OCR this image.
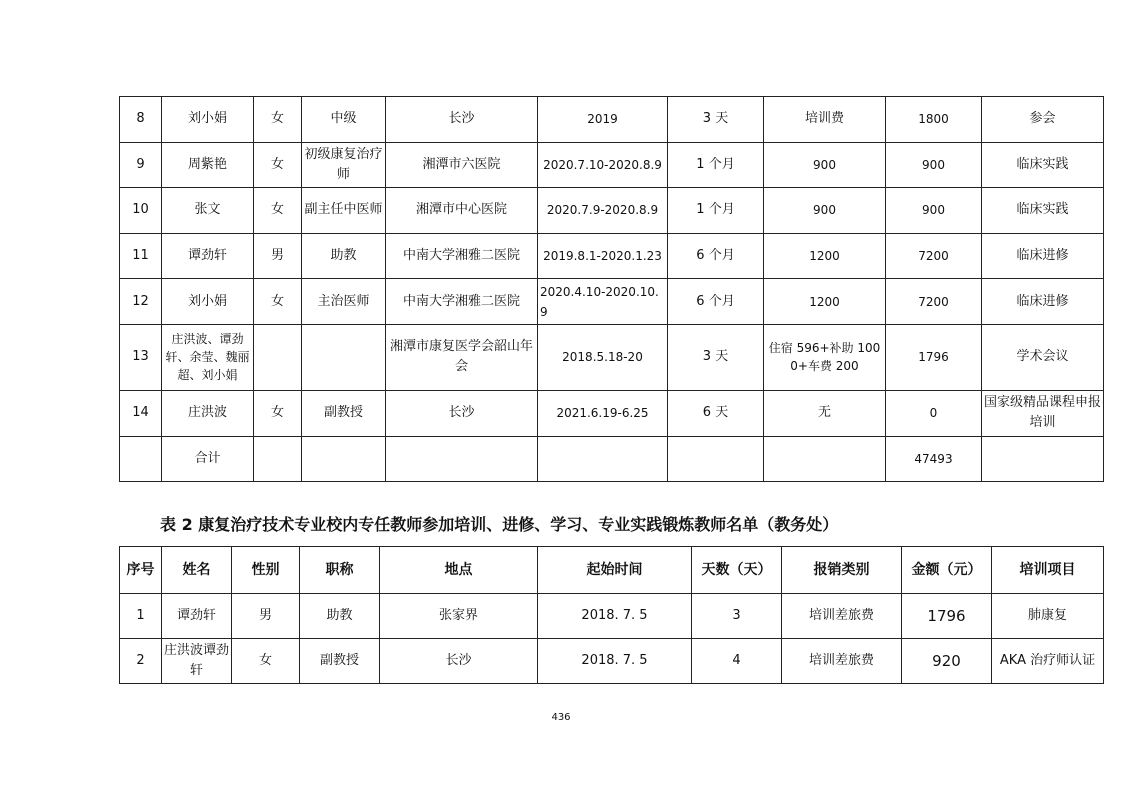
8	刘小娟	女	中级	长沙	2019	3 天	培训费	1800	参会
9	周紫艳	女	初级康复治疗师	湘潭市六医院	2020.7.10-2020.8.9	1 个月	900	900	临床实践
10	张文	女	副主任中医师	湘潭市中心医院	2020.7.9-2020.8.9	1 个月	900	900	临床实践
11	谭劲轩	男	助教	中南大学湘雅二医院	2019.8.1-2020.1.23	6 个月	1200	7200	临床进修
12	刘小娟	女	主治医师	中南大学湘雅二医院	2020.4.10-2020.10.9	6 个月	1200	7200	临床进修
13	庄洪波、谭劲轩、余莹、魏丽超、刘小娟			湘潭市康复医学会韶山年会	2018.5.18-20	3 天	住宿 596+补助 1000+车费 200	1796	学术会议
14	庄洪波	女	副教授	长沙	2021.6.19-6.25	6 天	无	0	国家级精品课程申报培训
	合计							47493	
表 2 康复治疗技术专业校内专任教师参加培训、进修、学习、专业实践锻炼教师名单（教务处）
序号	姓名	性别	职称	地点	起始时间	天数（天）	报销类别	金额（元）	培训项目
1	谭劲轩	男	助教	张家界	2018. 7. 5	3	培训差旅费	1796	肺康复
2	庄洪波谭劲轩	女	副教授	长沙	2018. 7. 5	4	培训差旅费	920	AKA 治疗师认证
436
